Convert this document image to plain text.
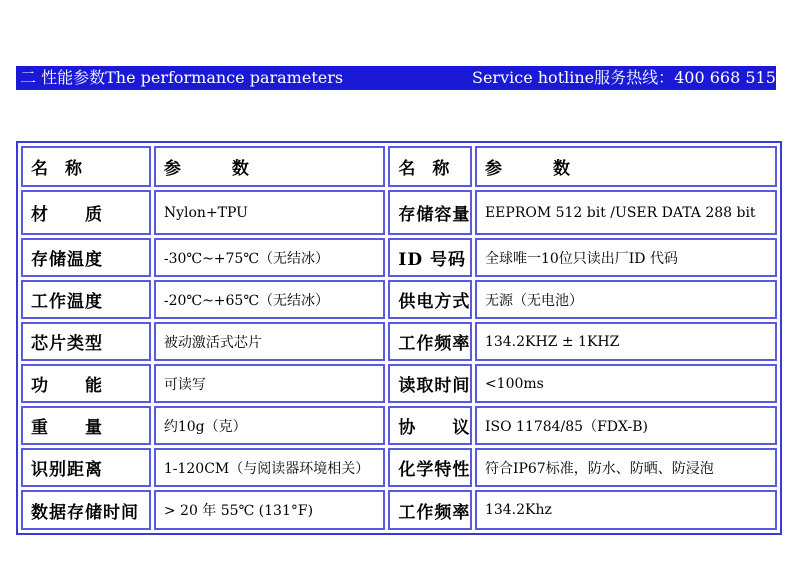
二 性能参数The performance parameters	Service hotline服务热线：400 668 5152.
名　称	参　　　数	名　称	参　　　数
材　　质	Nylon+TPU	存储容量	EEPROM 512 bit /USER DATA 288 bit
存储温度	-30℃~+75℃（无结冰）	ID 号码	全球唯一10位只读出厂ID 代码
工作温度	-20℃~+65℃（无结冰）	供电方式	无源（无电池）
芯片类型	被动激活式芯片	工作频率	134.2KHZ ± 1KHZ
功　　能	可读写	读取时间	<100ms
重　　量	约10g（克）	协　　议	ISO 11784/85（FDX-B)
识别距离	1-120CM（与阅读器环境相关）	化学特性	符合IP67标准，防水、防晒、防浸泡
数据存储时间	> 20 年 55℃ (131°F)	工作频率	134.2Khz
